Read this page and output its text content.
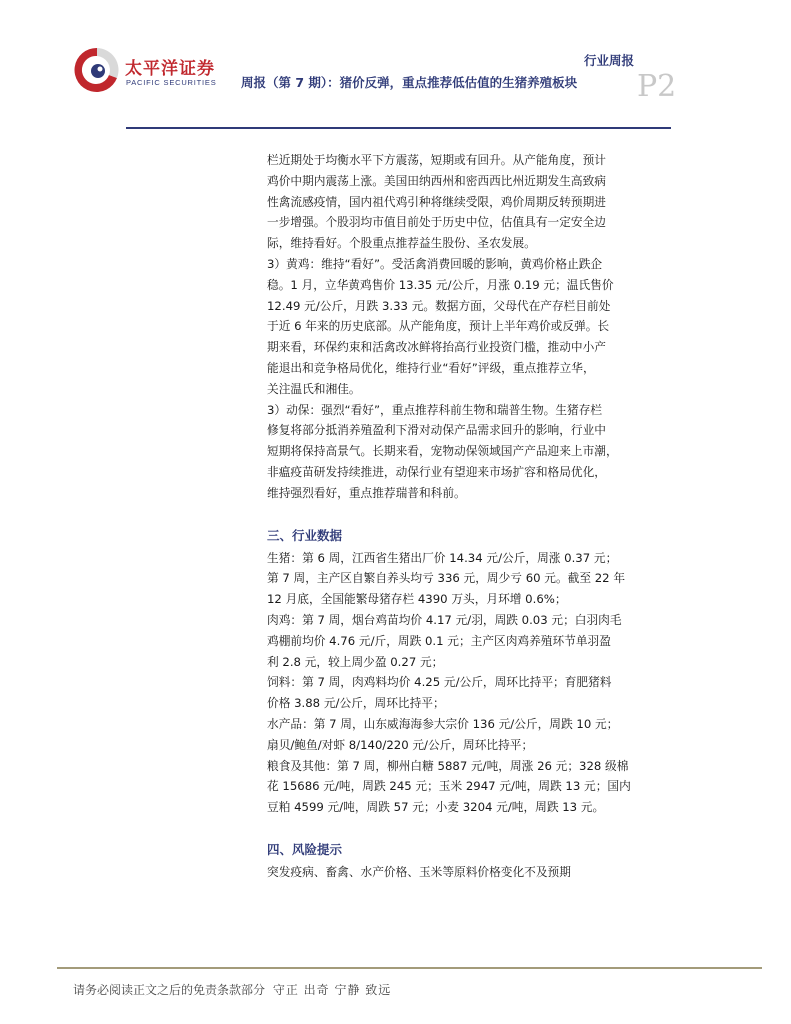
太平洋证券
PACIFIC SECURITIES
行业周报
周报（第 7 期）：猪价反弹，重点推荐低估值的生猪养殖板块 P2

栏近期处于均衡水平下方震荡，短期或有回升。从产能角度，预计
鸡价中期内震荡上涨。美国田纳西州和密西西比州近期发生高致病
性禽流感疫情，国内祖代鸡引种将继续受限，鸡价周期反转预期进
一步增强。个股羽均市值目前处于历史中位，估值具有一定安全边
际，维持看好。个股重点推荐益生股份、圣农发展。

3）黄鸡：维持“看好”。受活禽消费回暖的影响，黄鸡价格止跌企
稳。1 月，立华黄鸡售价 13.35 元/公斤，月涨 0.19 元；温氏售价
12.49 元/公斤，月跌 3.33 元。数据方面，父母代在产存栏目前处
于近 6 年来的历史底部。从产能角度，预计上半年鸡价或反弹。长
期来看，环保约束和活禽改冰鲜将抬高行业投资门槛，推动中小产
能退出和竞争格局优化，维持行业“看好”评级，重点推荐立华，
关注温氏和湘佳。

3）动保：强烈“看好”，重点推荐科前生物和瑞普生物。生猪存栏
修复将部分抵消养殖盈利下滑对动保产品需求回升的影响，行业中
短期将保持高景气。长期来看，宠物动保领域国产产品迎来上市潮，
非瘟疫苗研发持续推进，动保行业有望迎来市场扩容和格局优化，
维持强烈看好，重点推荐瑞普和科前。

三、行业数据

生猪：第 6 周，江西省生猪出厂价 14.34 元/公斤，周涨 0.37 元；
第 7 周，主产区自繁自养头均亏 336 元，周少亏 60 元。截至 22 年
12 月底，全国能繁母猪存栏 4390 万头，月环增 0.6%；

肉鸡：第 7 周，烟台鸡苗均价 4.17 元/羽，周跌 0.03 元；白羽肉毛
鸡棚前均价 4.76 元/斤，周跌 0.1 元；主产区肉鸡养殖环节单羽盈
利 2.8 元，较上周少盈 0.27 元；

饲料：第 7 周，肉鸡料均价 4.25 元/公斤，周环比持平；育肥猪料
价格 3.88 元/公斤，周环比持平；

水产品：第 7 周，山东威海海参大宗价 136 元/公斤，周跌 10 元；
扇贝/鲍鱼/对虾 8/140/220 元/公斤，周环比持平；

粮食及其他：第 7 周，柳州白糖 5887 元/吨，周涨 26 元；328 级棉
花 15686 元/吨，周跌 245 元；玉米 2947 元/吨，周跌 13 元；国内
豆粕 4599 元/吨，周跌 57 元；小麦 3204 元/吨，周跌 13 元。

四、风险提示

突发疫病、畜禽、水产价格、玉米等原料价格变化不及预期

请务必阅读正文之后的免责条款部分 守正 出奇 宁静 致远
